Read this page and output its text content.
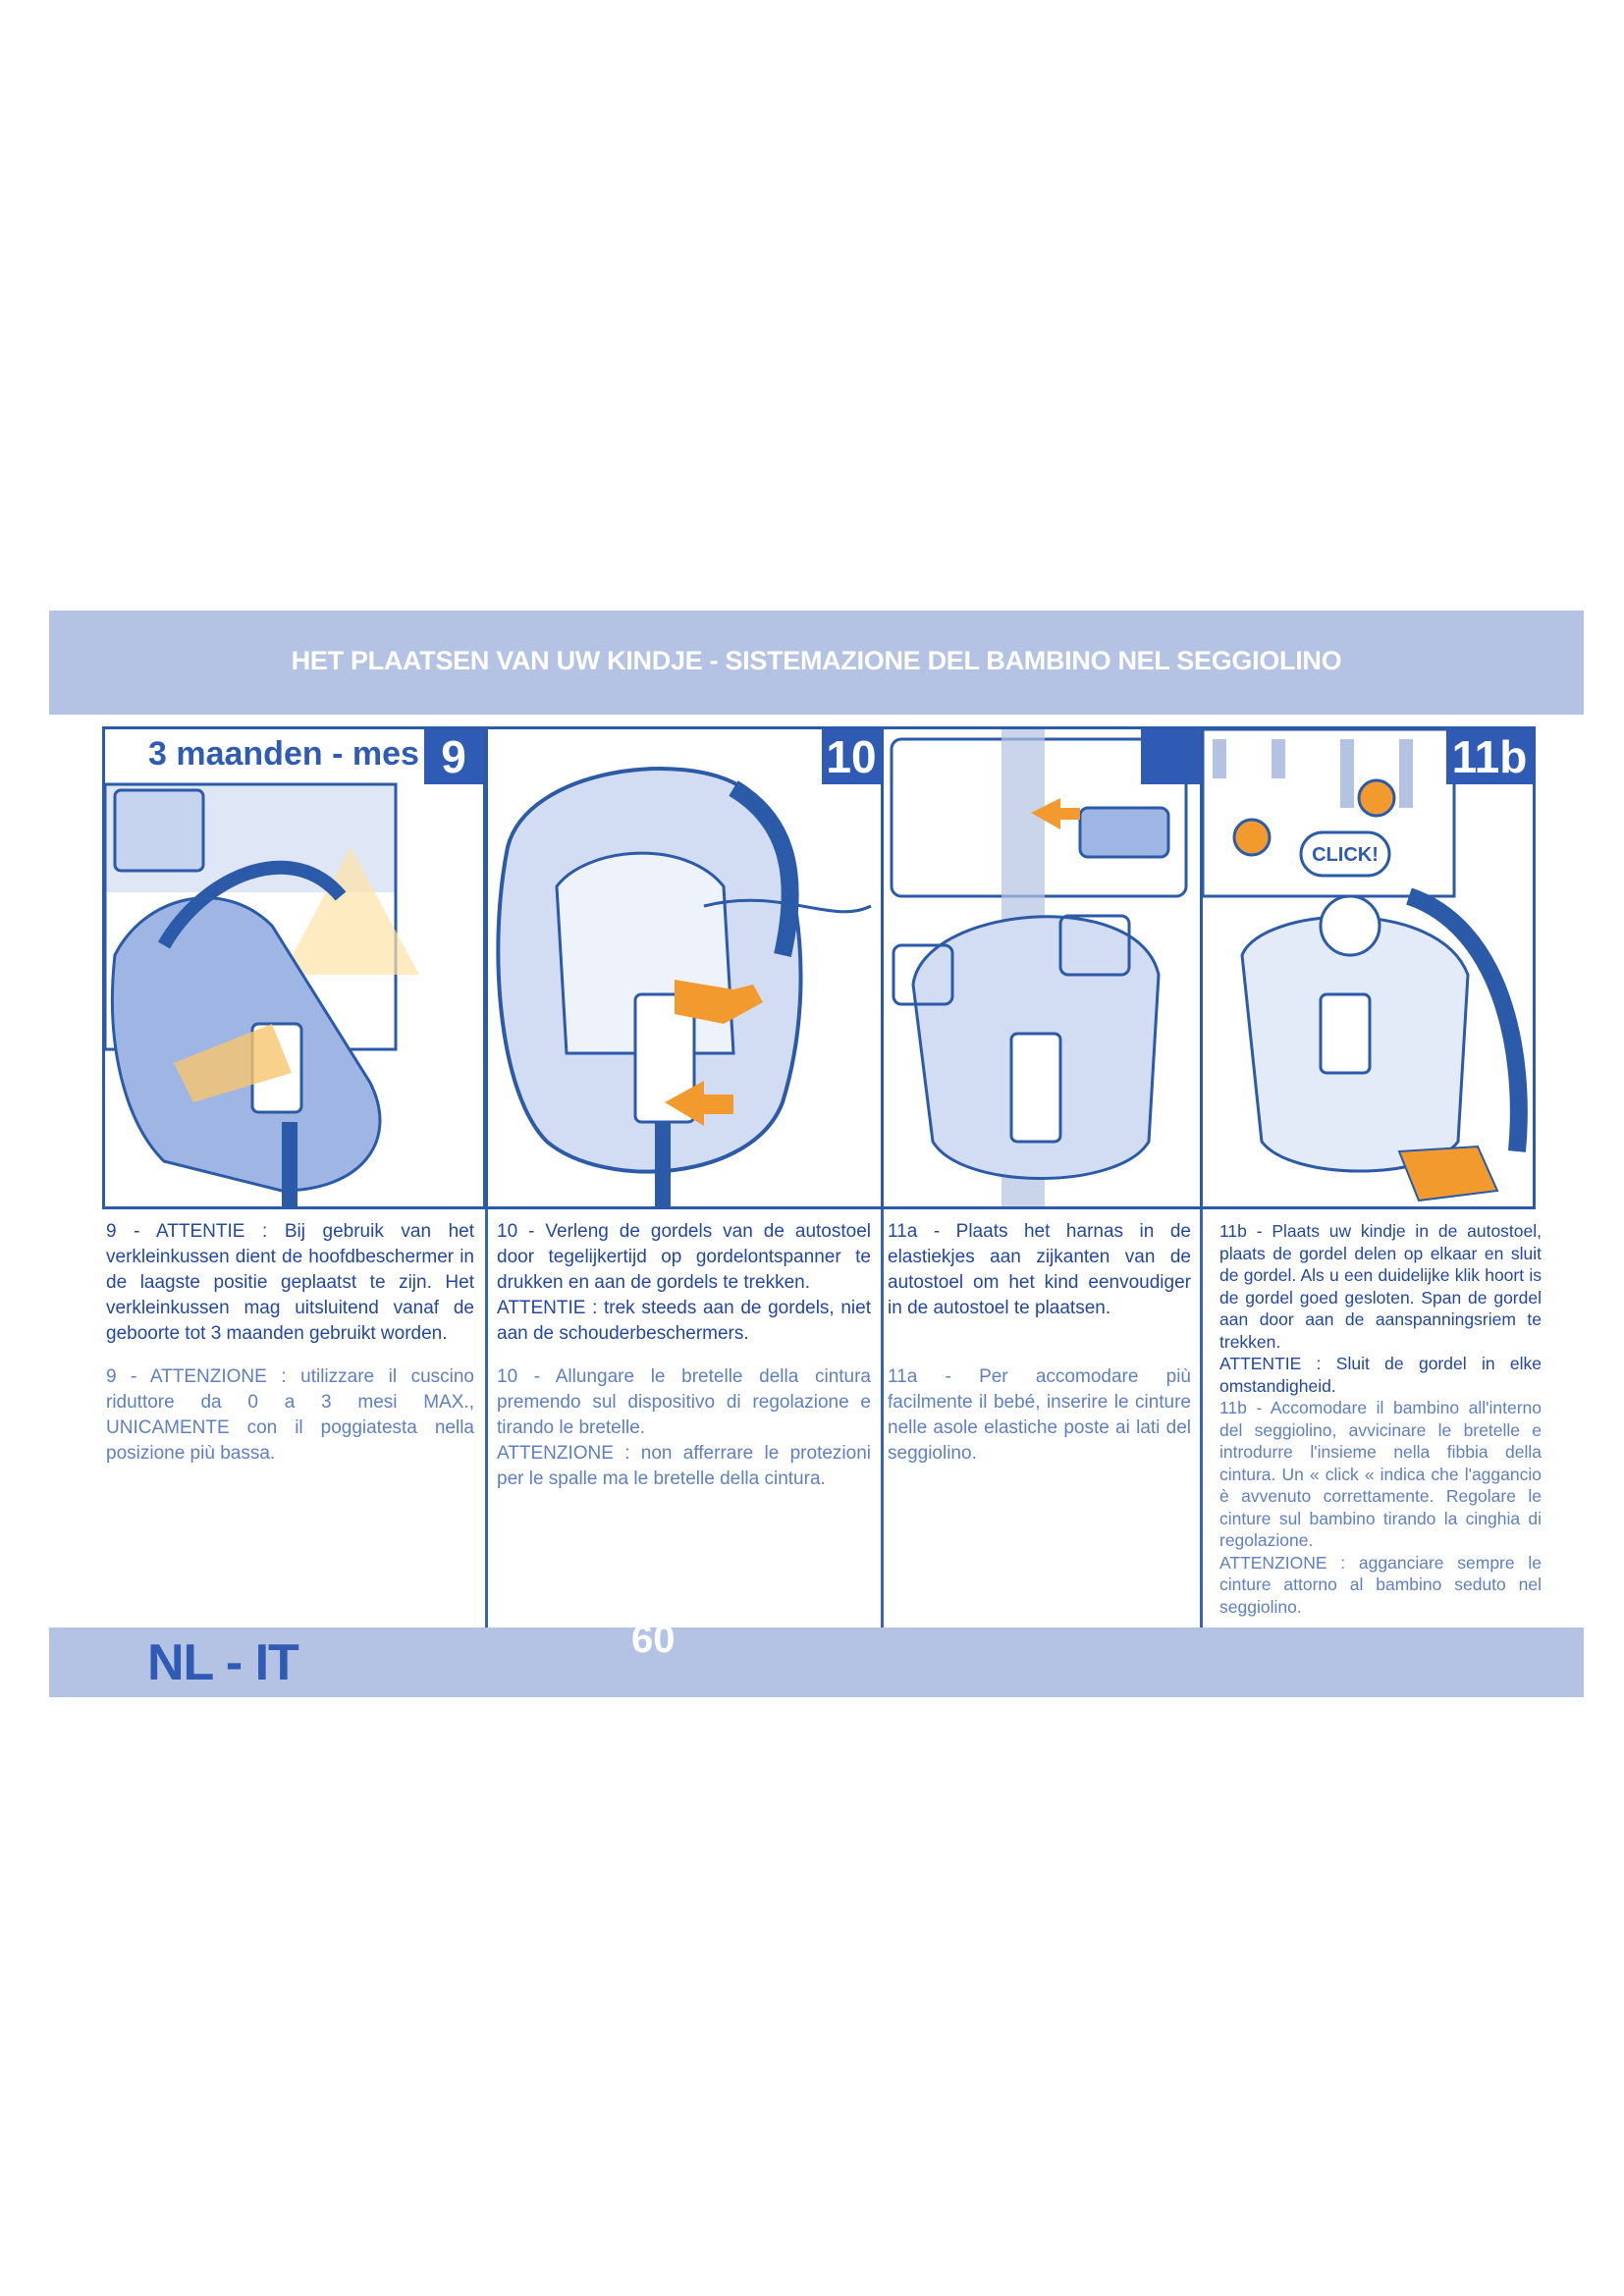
HET PLAATSEN VAN UW KINDJE - SISTEMAZIONE DEL BAMBINO NEL SEGGIOLINO
9
3 maanden - mes	10
CLICK!
11b
9 - ATTENTIE : Bij gebruik van het verkleinkussen dient de hoofdbeschermer in de laagste positie geplaatst te zijn. Het verkleinkussen mag uitsluitend vanaf de geboorte tot 3 maanden gebruikt worden.
9 - ATTENZIONE : utilizzare il cuscino riduttore da 0 a 3 mesi MAX., UNICAMENTE con il poggiatesta nella posizione più bassa.

10 - Verleng de gordels van de autostoel door tegelijkertijd op gordelontspanner te drukken en aan de gordels te trekken.

ATTENTIE : trek steeds aan de gordels, niet aan de schouderbeschermers.

10 - Allungare le bretelle della cintura premendo sul dispositivo di regolazione e tirando le bretelle.

ATTENZIONE : non afferrare le protezioni per le spalle ma le bretelle della cintura.

11a - Plaats het harnas in de elastiekjes aan zijkanten van de autostoel om het kind eenvoudiger in de autostoel te plaatsen.
11a - Per accomodare più facilmente il bebé, inserire le cinture nelle asole elastiche poste ai lati del seggiolino.

11b - Plaats uw kindje in de autostoel, plaats de gordel delen op elkaar en sluit de gordel. Als u een duidelijke klik hoort is de gordel goed gesloten. Span de gordel aan door aan de aanspanningsriem te trekken.

ATTENTIE : Sluit de gordel in elke omstandigheid.

11b - Accomodare il bambino all'interno del seggiolino, avvicinare le bretelle e introdurre l'insieme nella fibbia della cintura. Un « click « indica che l'aggancio è avvenuto correttamente. Regolare le cinture sul bambino tirando la cinghia di regolazione.

ATTENZIONE : agganciare sempre le cinture attorno al bambino seduto nel seggiolino.

NL - IT	60
